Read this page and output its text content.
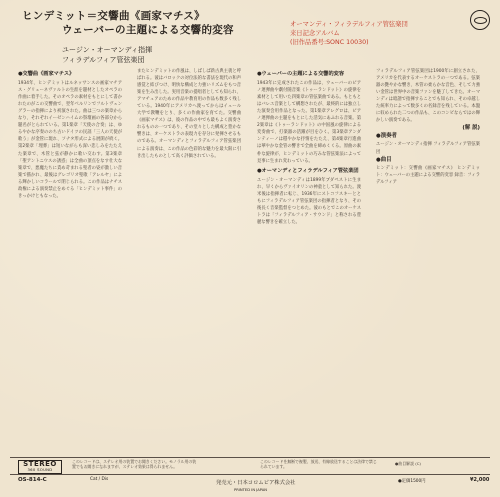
ヒンデミット＝交響曲《画家マチス》
ウェーバーの主題による交響的変容
ユージン・オーマンディ指揮
フィラデルフィア管弦楽団
オーマンディ・フィラデルフィア管弦楽団
来日記念アルバム
(旧作品番号:SONC 10030)
●交響曲《画家マチス》
1934年、ヒンデミットはルネッサンスの画家マチアス・グリューネヴァルトの生涯を題材としたオペラの作曲に着手した。そのオペラの素材をもとにして書かれたのがこの交響曲で、翌年ベルリンでフルトヴェングラーの指揮により初演された。曲は三つの楽章からなり、それぞれイーゼンハイムの祭壇画の各部分から題名がとられている。第1楽章「天使の合奏」は、ゆるやかな序奏ののち古いドイツの民謡「三人の天使が歌う」が金管に現れ、ソナタ形式による展開が続く。第2楽章「埋葬」は短いながらも深い悲しみをたたえた楽章で、木管と弦が静かに歌い交わす。第3楽章「聖アントニウスの誘惑」は全曲の頂点をなす壮大な楽章で、悪魔たちに責め苛まれる聖者の姿が激しい音楽で描かれ、最後はグレゴリオ聖歌「アレルヤ」による輝かしいコラールで閉じられる。この作品はナチス政権による演奏禁止をめぐる「ヒンデミット事件」のきっかけともなった。
またヒンデミットの作風は、しばしば新古典主義と呼ばれる。彼はバロックの対位法的な書法を現代の和声感覚と結びつけ、明快な構成と力強いリズムをもつ音楽を生み出した。実用音楽の提唱者としても知られ、アマチュアのための作品や教育用の作品も数多く残している。1940年にアメリカへ渡ってからはイェール大学で教鞭をとり、多くの作曲家を育てた。交響曲《画家マチス》は、彼の作品の中でも最もよく演奏されるものの一つであり、その堂々とした構成と豊かな響きは、オーケストラの表現力を存分に発揮させるものである。オーマンディとフィラデルフィア管弦楽団による演奏は、この作品の色彩的な魅力を最大限に引き出したものとして高く評価されている。
●ウェーバーの主題による交響的変容
1943年に完成されたこの作品は、ウェーバーのピアノ連弾曲や劇付随音楽《トゥーランドット》の旋律を素材として用いた四楽章の管弦楽曲である。もともとはバレエ音楽として構想されたが、最終的には独立した演奏会用作品となった。第1楽章アレグロは、ピアノ連弾曲の主題をもとにした活気にあふれる音楽。第2楽章は《トゥーランドット》の中国風の旋律による変奏曲で、打楽器の活躍が目をひく。第3楽章アンダンティーノは穏やかな抒情をたたえ、第4楽章行進曲は華やかな金管の響きで全曲を締めくくる。原曲の素朴な旋律が、ヒンデミットの巧みな管弦楽法によって見事に生まれ変わっている。
●オーマンディとフィラデルフィア管弦楽団
ユージン・オーマンディは1899年ブダペストに生まれ、早くからヴァイオリンの神童として知られた。渡米後は指揮者に転じ、1936年にストコフスキーとともにフィラデルフィア管弦楽団の指揮者となり、その後長く音楽監督をつとめた。彼のもとでこのオーケストラは「フィラデルフィア・サウンド」と称される豊麗な響きを確立した。
フィラデルフィア管弦楽団は1900年に創立された、アメリカを代表するオーケストラの一つである。弦楽器の艶やかな響き、木管の柔らかな音色、そして力強い金管は世界中の音楽ファンを魅了してきた。オーマンディは暗譜で指揮することでも知られ、その卓越した統率力によって数多くの名録音を残している。本盤に収められた二つの作品も、このコンビならではの輝かしい演奏である。
(解 説)
●演奏者
ユージン・オーマンディ指揮 フィラデルフィア管弦楽団
●曲目
ヒンデミット：交響曲《画家マチス》 ヒンデミット：ウェーバーの主題による交響的変容 録音：フィラデルフィア
STEREO
360 SOUND
このレコードは、ステレオ用の装置でお聞きください。モノラル用の装置でもお聞きになれますが、ステレオ効果は得られません。
このレコードを無断で複製、放送、有線放送することは法律で禁じられています。
●曲目解説 (C)
OS-814-C	Cat / Dis
発売元・日本コロムビア株式会社
PRINTED IN JAPAN
●定価1500円	¥2,000
